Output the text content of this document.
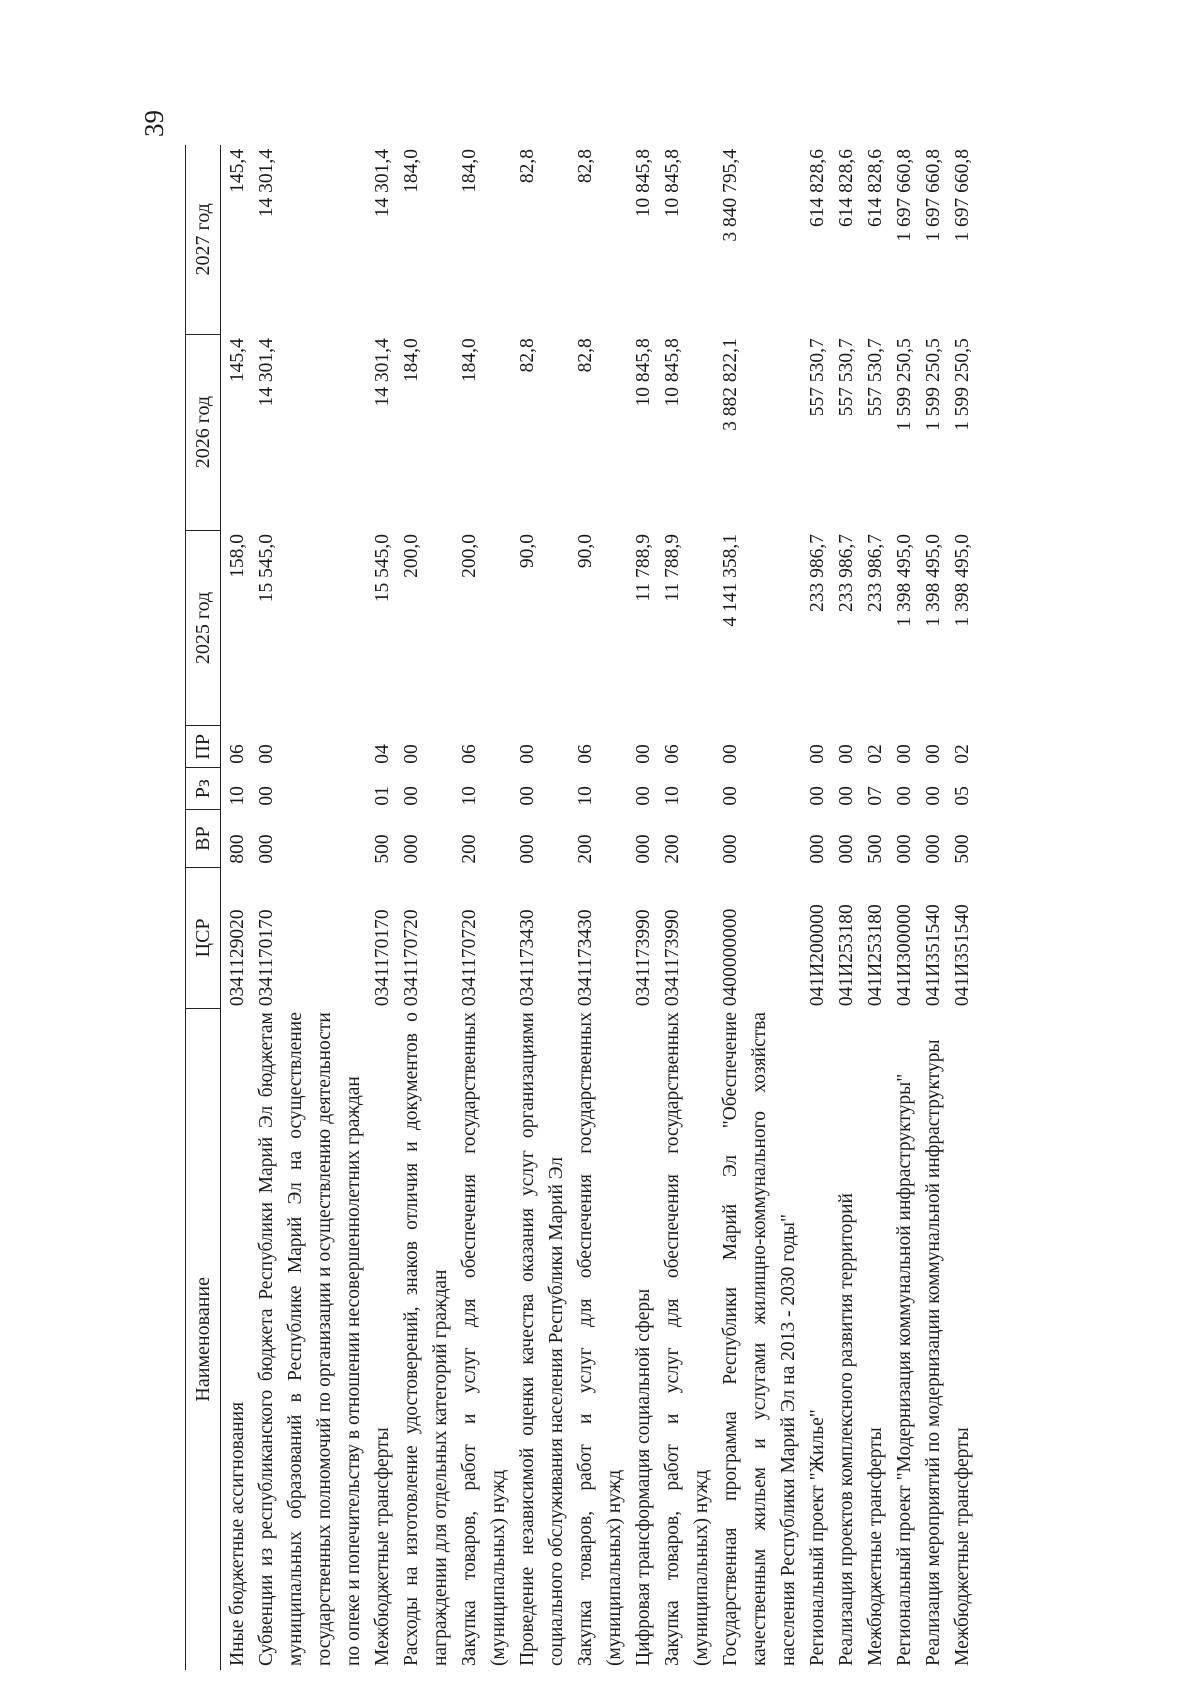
39
Наименование	ЦСР	ВР	Рз	ПР	2025 год	2026 год	2027 год
Иные бюджетные ассигнования	0341129020	800	10	06	158,0	145,4	145,4
Субвенции из республиканского бюджета Республики Марий Эл бюджетам муниципальных образований в Республике Марий Эл на осуществление государственных полномочий по организации и осуществлению деятельности по опеке и попечительству в отношении несовершеннолетних граждан	0341170170	000	00	00	15 545,0	14 301,4	14 301,4
Межбюджетные трансферты	0341170170	500	01	04	15 545,0	14 301,4	14 301,4
Расходы на изготовление удостоверений, знаков отличия и документов о награждении для отдельных категорий граждан	0341170720	000	00	00	200,0	184,0	184,0
Закупка товаров, работ и услуг для обеспечения государственных (муниципальных) нужд	0341170720	200	10	06	200,0	184,0	184,0
Проведение независимой оценки качества оказания услуг организациями социального обслуживания населения Республики Марий Эл	0341173430	000	00	00	90,0	82,8	82,8
Закупка товаров, работ и услуг для обеспечения государственных (муниципальных) нужд	0341173430	200	10	06	90,0	82,8	82,8
Цифровая трансформация социальной сферы	0341173990	000	00	00	11 788,9	10 845,8	10 845,8
Закупка товаров, работ и услуг для обеспечения государственных (муниципальных) нужд	0341173990	200	10	06	11 788,9	10 845,8	10 845,8
Государственная программа Республики Марий Эл "Обеспечение качественным жильем и услугами жилищно-коммунального хозяйства населения Республики Марий Эл на 2013 - 2030 годы"	0400000000	000	00	00	4 141 358,1	3 882 822,1	3 840 795,4
Региональный проект "Жилье"	041И200000	000	00	00	233 986,7	557 530,7	614 828,6
Реализация проектов комплексного развития территорий	041И253180	000	00	00	233 986,7	557 530,7	614 828,6
Межбюджетные трансферты	041И253180	500	07	02	233 986,7	557 530,7	614 828,6
Региональный проект "Модернизация коммунальной инфраструктуры"	041И300000	000	00	00	1 398 495,0	1 599 250,5	1 697 660,8
Реализация мероприятий по модернизации коммунальной инфраструктуры	041И351540	000	00	00	1 398 495,0	1 599 250,5	1 697 660,8
Межбюджетные трансферты	041И351540	500	05	02	1 398 495,0	1 599 250,5	1 697 660,8
